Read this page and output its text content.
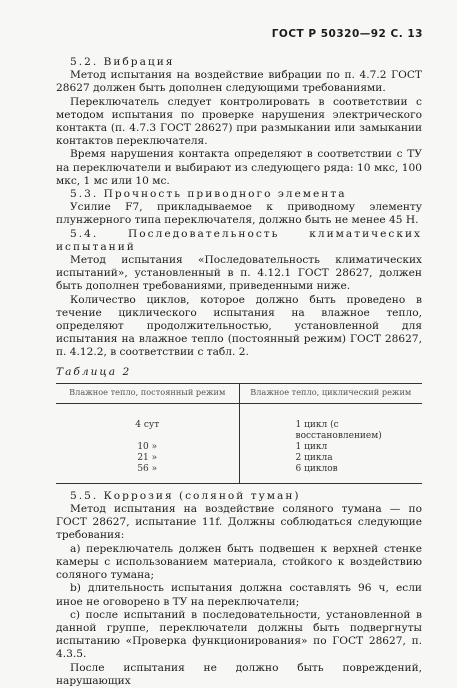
ГОСТ Р 50320—92 С. 13

5.2. Вибрация

Метод испытания на воздействие вибрации по п. 4.7.2 ГОСТ 28627 должен быть дополнен следующими требованиями.

Переключатель следует контролировать в соответствии с методом испытания по проверке нарушения электрического контакта (п. 4.7.3 ГОСТ 28627) при размыкании или замыкании контактов переключателя.

Время нарушения контакта определяют в соответствии с ТУ на переключатели и выбирают из следующего ряда: 10 мкс, 100 мкс, 1 мс или 10 мс.

5.3. Прочность приводного элемента

Усилие F7, прикладываемое к приводному элементу плунжерного типа переключателя, должно быть не менее 45 Н.

5.4. Последовательность климатических испытаний

Метод испытания «Последовательность климатических испытаний», установленный в п. 4.12.1 ГОСТ 28627, должен быть дополнен требованиями, приведенными ниже.

Количество циклов, которое должно быть проведено в течение циклического испытания на влажное тепло, определяют продолжительностью, установленной для испытания на влажное тепло (постоянный режим) ГОСТ 28627, п. 4.12.2, в соответствии с табл. 2.

Таблица 2

Влажное тепло, постоянный режим	Влажное тепло, циклический режим
4 сут	1 цикл (с восстановлением)
10 »	1 цикл
21 »	2 цикла
56 »	6 циклов

5.5. Коррозия (соляной туман)

Метод испытания на воздействие соляного тумана — по ГОСТ 28627, испытание 11f. Должны соблюдаться следующие требования:

а) переключатель должен быть подвешен к верхней стенке камеры с использованием материала, стойкого к воздействию соляного тумана;

b) длительность испытания должна составлять 96 ч, если иное не оговорено в ТУ на переключатели;

с) после испытаний в последовательности, установленной в данной группе, переключатели должны быть подвергнуты испытанию «Проверка функционирования» по ГОСТ 28627, п. 4.3.5.

После испытания не должно быть повреждений, нарушающих
